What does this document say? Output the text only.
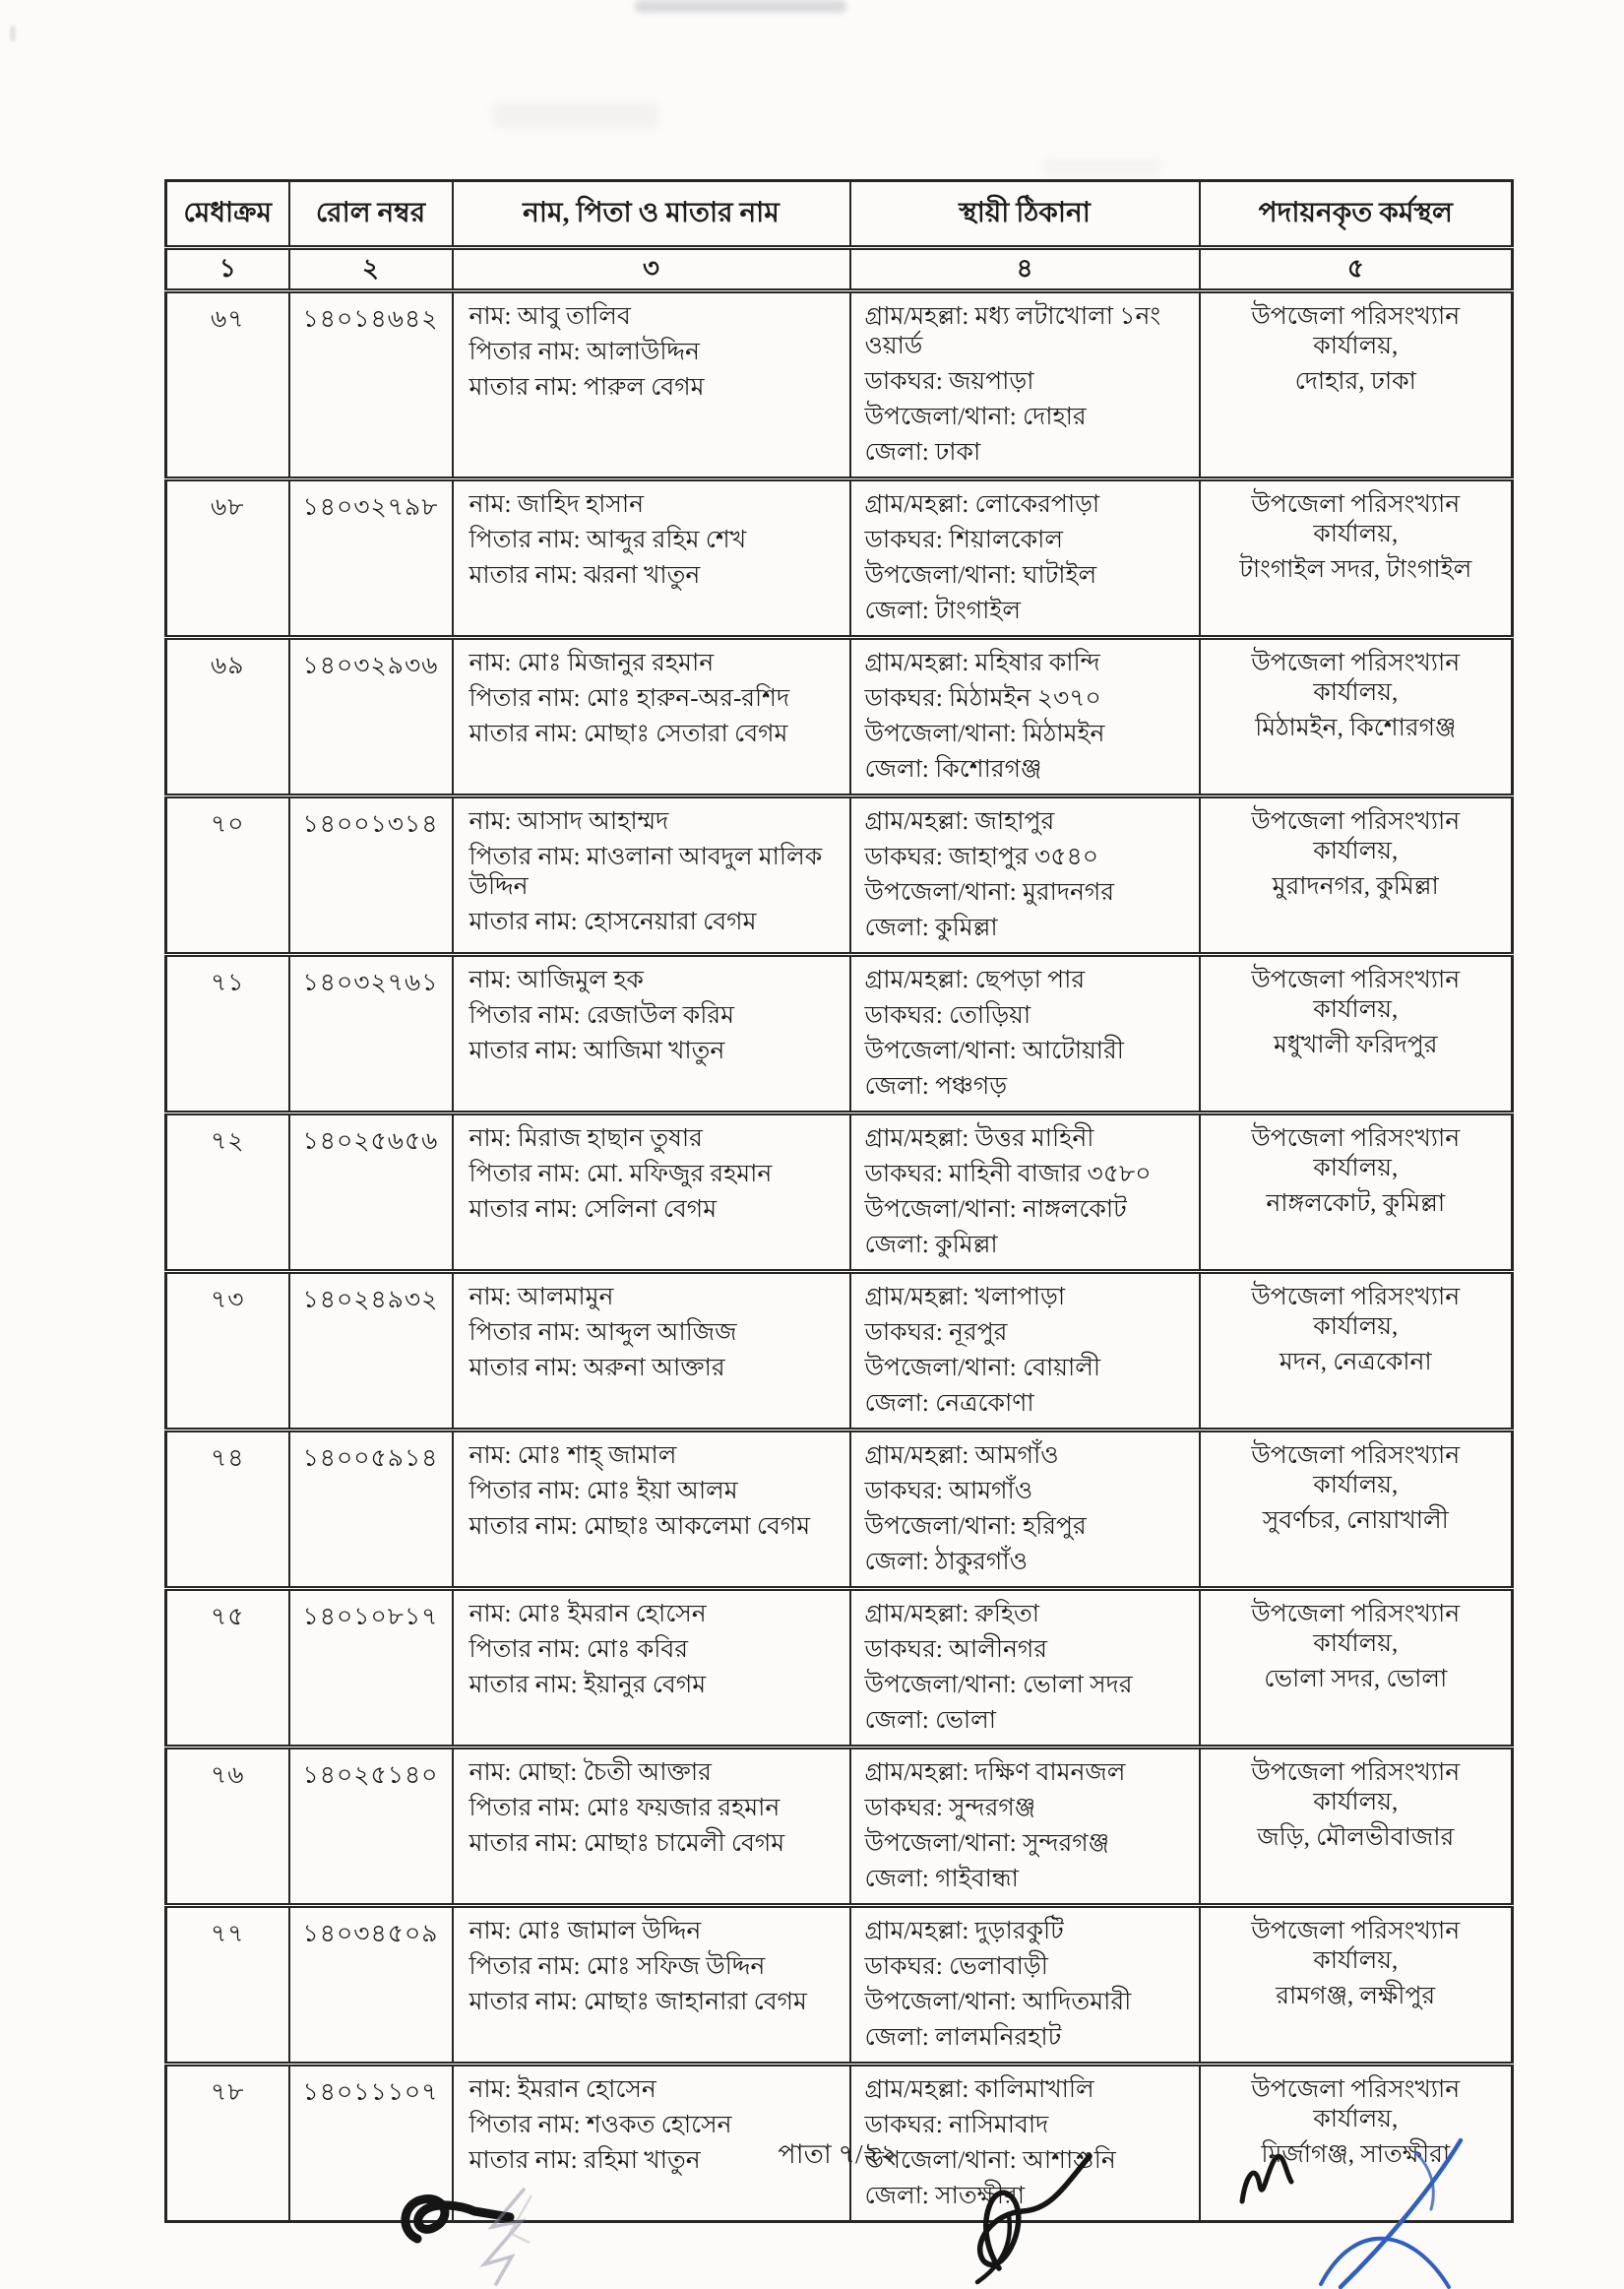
মেধাক্রম	রোল নম্বর	নাম, পিতা ও মাতার নাম	স্থায়ী ঠিকানা	পদায়নকৃত কর্মস্থল
১	২	৩	৪	৫
৬৭	১৪০১৪৬৪২	নাম: আবু তালিব
পিতার নাম: আলাউদ্দিন
মাতার নাম: পারুল বেগম

গ্রাম/মহল্লা: মধ্য লটাখোলা ১নং ওয়ার্ড
ডাকঘর: জয়পাড়া
উপজেলা/থানা: দোহার
জেলা: ঢাকা

উপজেলা পরিসংখ্যান কার্যালয়,
দোহার, ঢাকা

৬৮	১৪০৩২৭৯৮	নাম: জাহিদ হাসান
পিতার নাম: আব্দুর রহিম শেখ
মাতার নাম: ঝরনা খাতুন

গ্রাম/মহল্লা: লোকেরপাড়া
ডাকঘর: শিয়ালকোল
উপজেলা/থানা: ঘাটাইল
জেলা: টাংগাইল

উপজেলা পরিসংখ্যান কার্যালয়,
টাংগাইল সদর, টাংগাইল

৬৯	১৪০৩২৯৩৬	নাম: মোঃ মিজানুর রহমান
পিতার নাম: মোঃ হারুন-অর-রশিদ
মাতার নাম: মোছাঃ সেতারা বেগম

গ্রাম/মহল্লা: মহিষার কান্দি
ডাকঘর: মিঠামইন ২৩৭০
উপজেলা/থানা: মিঠামইন
জেলা: কিশোরগঞ্জ

উপজেলা পরিসংখ্যান কার্যালয়,
মিঠামইন, কিশোরগঞ্জ

৭০	১৪০০১৩১৪	নাম: আসাদ আহাম্মদ
পিতার নাম: মাওলানা আবদুল মালিক উদ্দিন
মাতার নাম: হোসনেয়ারা বেগম

গ্রাম/মহল্লা: জাহাপুর
ডাকঘর: জাহাপুর ৩৫৪০
উপজেলা/থানা: মুরাদনগর
জেলা: কুমিল্লা

উপজেলা পরিসংখ্যান কার্যালয়,
মুরাদনগর, কুমিল্লা

৭১	১৪০৩২৭৬১	নাম: আজিমুল হক
পিতার নাম: রেজাউল করিম
মাতার নাম: আজিমা খাতুন

গ্রাম/মহল্লা: ছেপড়া পার
ডাকঘর: তোড়িয়া
উপজেলা/থানা: আটোয়ারী
জেলা: পঞ্চগড়

উপজেলা পরিসংখ্যান কার্যালয়,
মধুখালী ফরিদপুর

৭২	১৪০২৫৬৫৬	নাম: মিরাজ হাছান তুষার
পিতার নাম: মো. মফিজুর রহমান
মাতার নাম: সেলিনা বেগম

গ্রাম/মহল্লা: উত্তর মাহিনী
ডাকঘর: মাহিনী বাজার ৩৫৮০
উপজেলা/থানা: নাঙ্গলকোট
জেলা: কুমিল্লা

উপজেলা পরিসংখ্যান কার্যালয়,
নাঙ্গলকোট, কুমিল্লা

৭৩	১৪০২৪৯৩২	নাম: আলমামুন
পিতার নাম: আব্দুল আজিজ
মাতার নাম: অরুনা আক্তার

গ্রাম/মহল্লা: খলাপাড়া
ডাকঘর: নূরপুর
উপজেলা/থানা: বোয়ালী
জেলা: নেত্রকোণা

উপজেলা পরিসংখ্যান কার্যালয়,
মদন, নেত্রকোনা

৭৪	১৪০০৫৯১৪	নাম: মোঃ শাহ্ জামাল
পিতার নাম: মোঃ ইয়া আলম
মাতার নাম: মোছাঃ আকলেমা বেগম

গ্রাম/মহল্লা: আমগাঁও
ডাকঘর: আমগাঁও
উপজেলা/থানা: হরিপুর
জেলা: ঠাকুরগাঁও

উপজেলা পরিসংখ্যান কার্যালয়,
সুবর্ণচর, নোয়াখালী

৭৫	১৪০১০৮১৭	নাম: মোঃ ইমরান হোসেন
পিতার নাম: মোঃ কবির
মাতার নাম: ইয়ানুর বেগম

গ্রাম/মহল্লা: রুহিতা
ডাকঘর: আলীনগর
উপজেলা/থানা: ভোলা সদর
জেলা: ভোলা

উপজেলা পরিসংখ্যান কার্যালয়,
ভোলা সদর, ভোলা

৭৬	১৪০২৫১৪০	নাম: মোছা: চৈতী আক্তার
পিতার নাম: মোঃ ফয়জার রহমান
মাতার নাম: মোছাঃ চামেলী বেগম

গ্রাম/মহল্লা: দক্ষিণ বামনজল
ডাকঘর: সুন্দরগঞ্জ
উপজেলা/থানা: সুন্দরগঞ্জ
জেলা: গাইবান্ধা

উপজেলা পরিসংখ্যান কার্যালয়,
জড়ি, মৌলভীবাজার

৭৭	১৪০৩৪৫০৯	নাম: মোঃ জামাল উদ্দিন
পিতার নাম: মোঃ সফিজ উদ্দিন
মাতার নাম: মোছাঃ জাহানারা বেগম

গ্রাম/মহল্লা: দুড়ারকুটি
ডাকঘর: ভেলাবাড়ী
উপজেলা/থানা: আদিতমারী
জেলা: লালমনিরহাট

উপজেলা পরিসংখ্যান কার্যালয়,
রামগঞ্জ, লক্ষীপুর

৭৮	১৪০১১১০৭	নাম: ইমরান হোসেন
পিতার নাম: শওকত হোসেন
মাতার নাম: রহিমা খাতুন

গ্রাম/মহল্লা: কালিমাখালি
ডাকঘর: নাসিমাবাদ
উপজেলা/থানা: আশাশুনি
জেলা: সাতক্ষীরা

উপজেলা পরিসংখ্যান কার্যালয়,
মির্জাগঞ্জ, সাতক্ষীরা
পাতা ৭/২২
